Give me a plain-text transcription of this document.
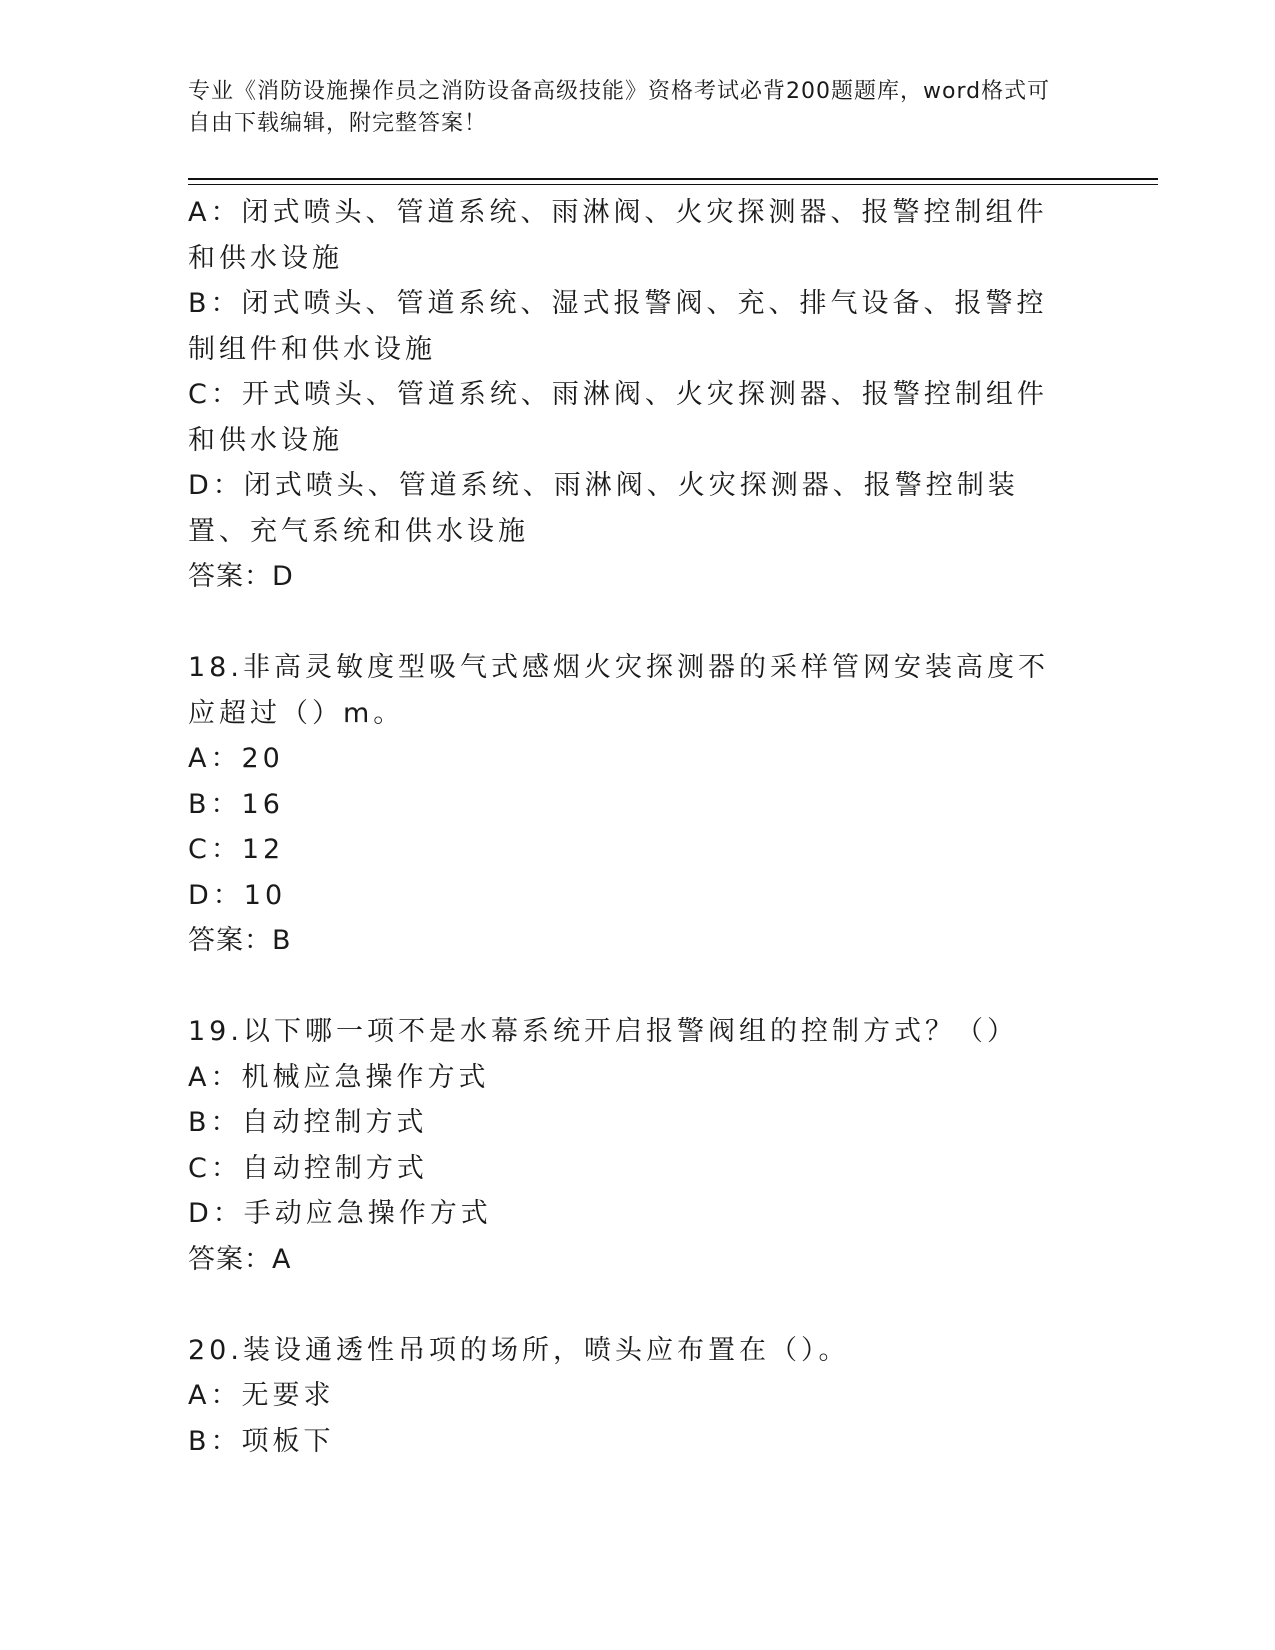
专业《消防设施操作员之消防设备高级技能》资格考试必背200题题库，word格式可自由下载编辑，附完整答案！
A：闭式喷头、管道系统、雨淋阀、火灾探测器、报警控制组件和供水设施
B：闭式喷头、管道系统、湿式报警阀、充、排气设备、报警控制组件和供水设施
C：开式喷头、管道系统、雨淋阀、火灾探测器、报警控制组件和供水设施
D：闭式喷头、管道系统、雨淋阀、火灾探测器、报警控制装置、充气系统和供水设施
答案：D
18.非高灵敏度型吸气式感烟火灾探测器的采样管网安装高度不应超过（）m。
A：20
B：16
C：12
D：10
答案：B
19.以下哪一项不是水幕系统开启报警阀组的控制方式？（）
A：机械应急操作方式
B：自动控制方式
C：自动控制方式
D：手动应急操作方式
答案：A
20.装设通透性吊项的场所，喷头应布置在（）。
A：无要求
B：项板下
